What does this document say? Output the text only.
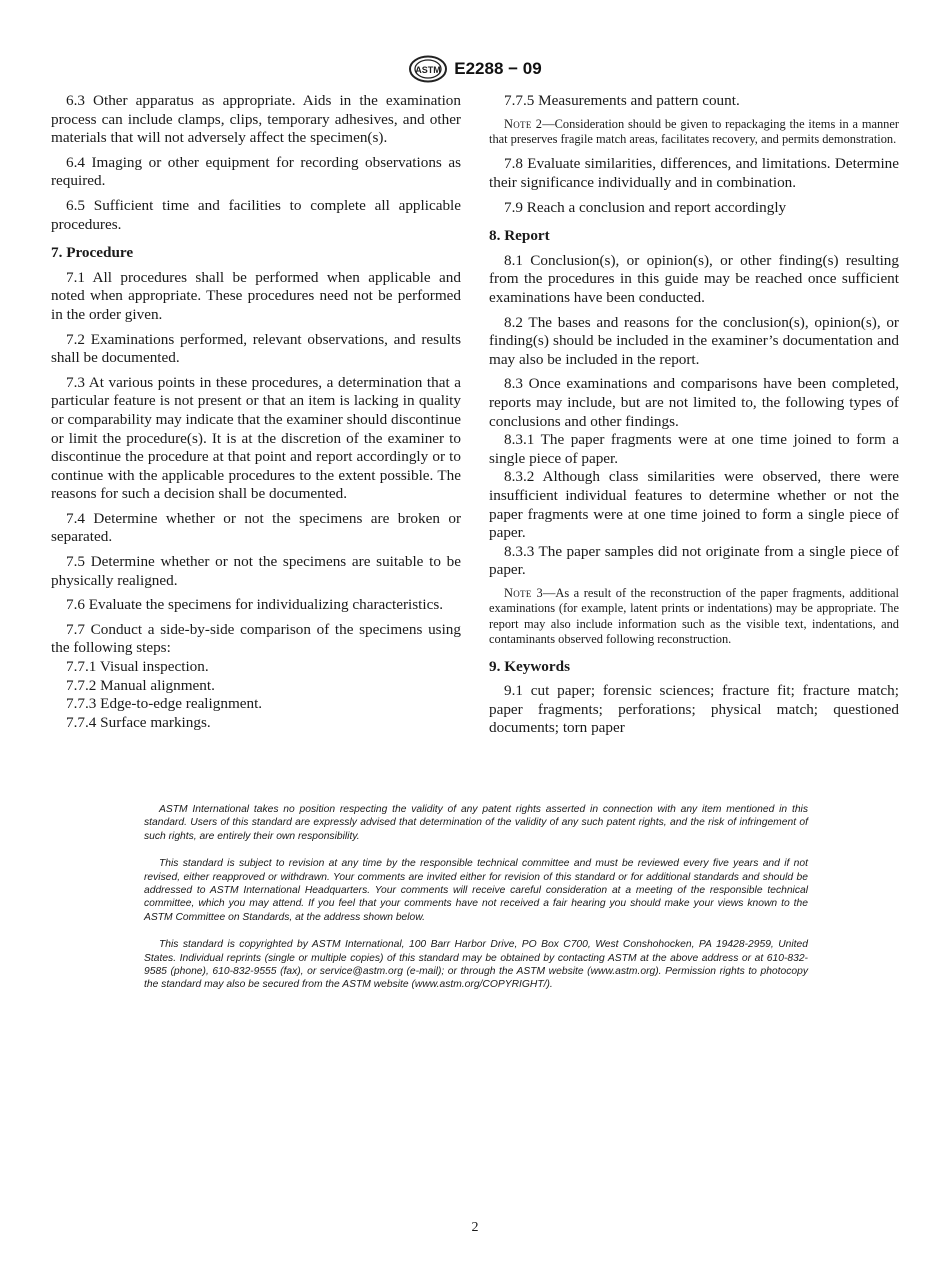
ASTM E2288 − 09

6.3 Other apparatus as appropriate. Aids in the examination process can include clamps, clips, temporary adhesives, and other materials that will not adversely affect the specimen(s).

6.4 Imaging or other equipment for recording observations as required.

6.5 Sufficient time and facilities to complete all applicable procedures.

7. Procedure

7.1 All procedures shall be performed when applicable and noted when appropriate. These procedures need not be performed in the order given.

7.2 Examinations performed, relevant observations, and results shall be documented.

7.3 At various points in these procedures, a determination that a particular feature is not present or that an item is lacking in quality or comparability may indicate that the examiner should discontinue or limit the procedure(s). It is at the discretion of the examiner to discontinue the procedure at that point and report accordingly or to continue with the applicable procedures to the extent possible. The reasons for such a decision shall be documented.

7.4 Determine whether or not the specimens are broken or separated.

7.5 Determine whether or not the specimens are suitable to be physically realigned.

7.6 Evaluate the specimens for individualizing characteristics.

7.7 Conduct a side-by-side comparison of the specimens using the following steps:

7.7.1 Visual inspection.

7.7.2 Manual alignment.

7.7.3 Edge-to-edge realignment.

7.7.4 Surface markings.

7.7.5 Measurements and pattern count.

Note 2—Consideration should be given to repackaging the items in a manner that preserves fragile match areas, facilitates recovery, and permits demonstration.

7.8 Evaluate similarities, differences, and limitations. Determine their significance individually and in combination.

7.9 Reach a conclusion and report accordingly

8. Report

8.1 Conclusion(s), or opinion(s), or other finding(s) resulting from the procedures in this guide may be reached once sufficient examinations have been conducted.

8.2 The bases and reasons for the conclusion(s), opinion(s), or finding(s) should be included in the examiner’s documentation and may also be included in the report.

8.3 Once examinations and comparisons have been completed, reports may include, but are not limited to, the following types of conclusions and other findings.

8.3.1 The paper fragments were at one time joined to form a single piece of paper.

8.3.2 Although class similarities were observed, there were insufficient individual features to determine whether or not the paper fragments were at one time joined to form a single piece of paper.

8.3.3 The paper samples did not originate from a single piece of paper.

Note 3—As a result of the reconstruction of the paper fragments, additional examinations (for example, latent prints or indentations) may be appropriate. The report may also include information such as the visible text, indentations, and contaminants observed following reconstruction.

9. Keywords

9.1 cut paper; forensic sciences; fracture fit; fracture match; paper fragments; perforations; physical match; questioned documents; torn paper

ASTM International takes no position respecting the validity of any patent rights asserted in connection with any item mentioned in this standard. Users of this standard are expressly advised that determination of the validity of any such patent rights, and the risk of infringement of such rights, are entirely their own responsibility.

This standard is subject to revision at any time by the responsible technical committee and must be reviewed every five years and if not revised, either reapproved or withdrawn. Your comments are invited either for revision of this standard or for additional standards and should be addressed to ASTM International Headquarters. Your comments will receive careful consideration at a meeting of the responsible technical committee, which you may attend. If you feel that your comments have not received a fair hearing you should make your views known to the ASTM Committee on Standards, at the address shown below.

This standard is copyrighted by ASTM International, 100 Barr Harbor Drive, PO Box C700, West Conshohocken, PA 19428-2959, United States. Individual reprints (single or multiple copies) of this standard may be obtained by contacting ASTM at the above address or at 610-832-9585 (phone), 610-832-9555 (fax), or service@astm.org (e-mail); or through the ASTM website (www.astm.org). Permission rights to photocopy the standard may also be secured from the ASTM website (www.astm.org/COPYRIGHT/).

2
